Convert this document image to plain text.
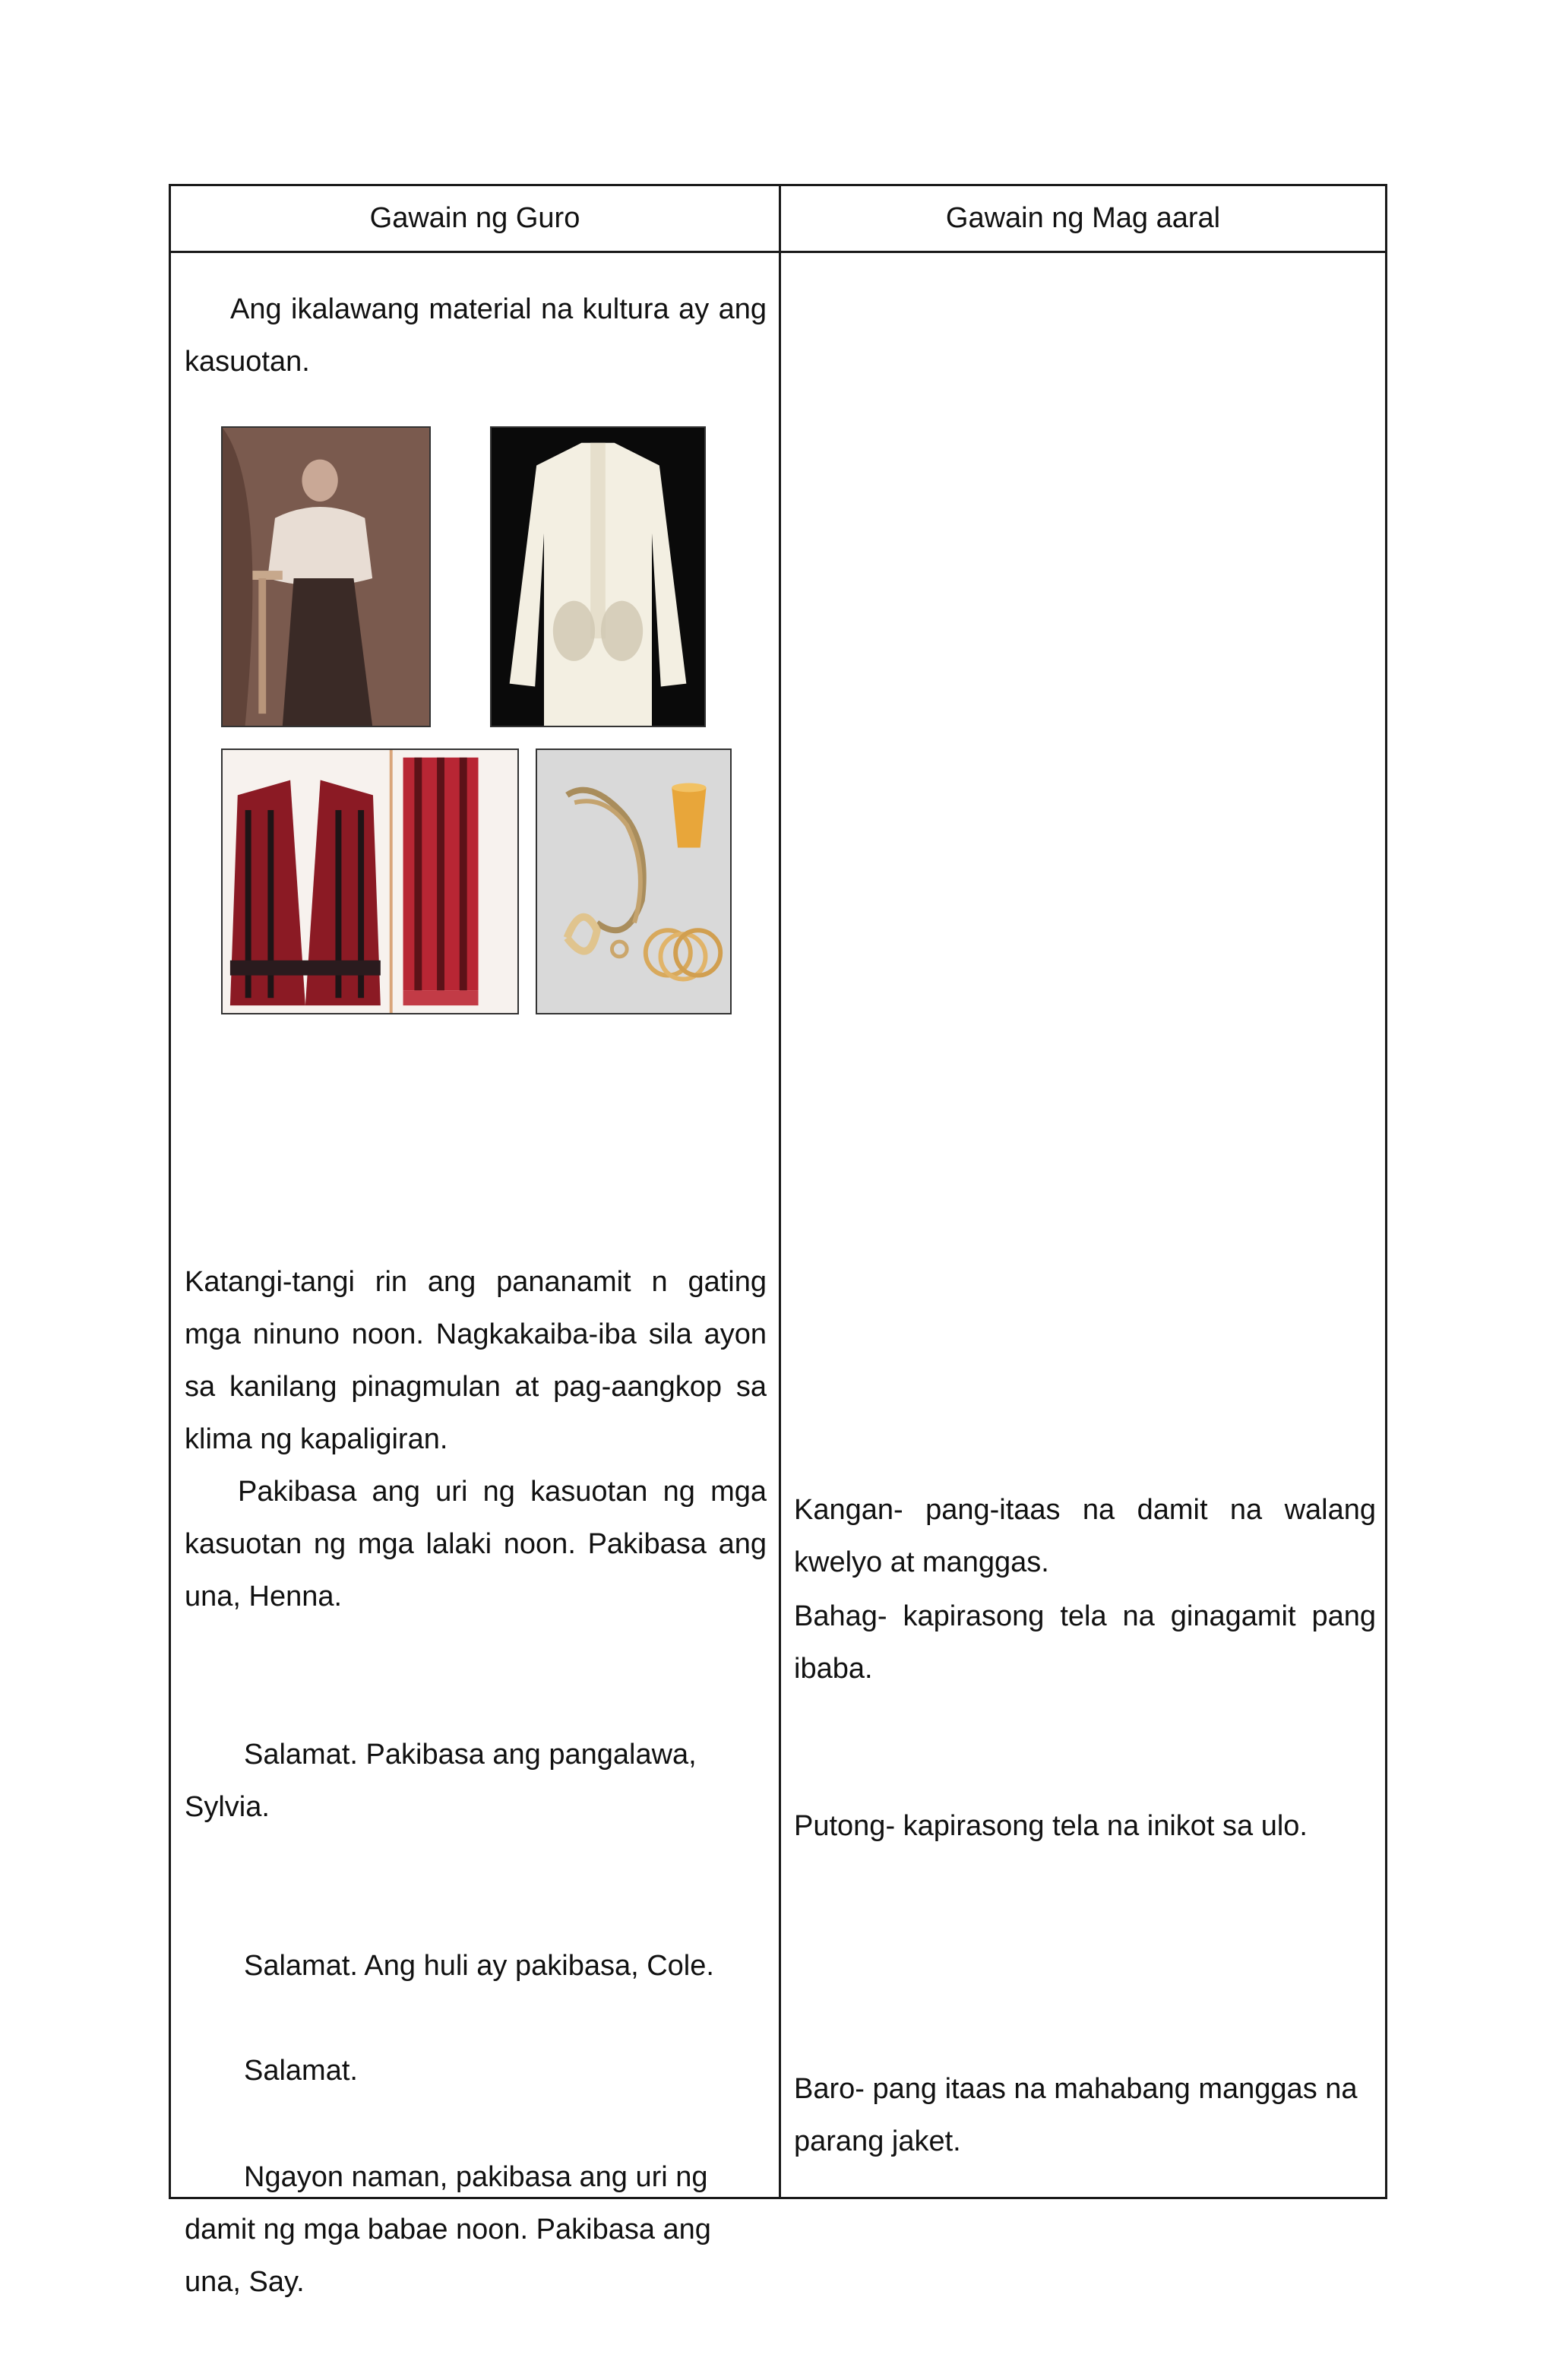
Gawain ng Guro	Gawain ng Mag aaral
Ang ikalawang material na kultura ay ang kasuotan.
Katangi-tangi rin ang pananamit n gating mga ninuno noon. Nagkakaiba-iba sila ayon sa kanilang pinagmulan at pag-aangkop sa klima ng kapaligiran.
Pakibasa ang uri ng kasuotan ng mga kasuotan ng mga lalaki noon. Pakibasa ang una, Henna.
Salamat. Pakibasa ang pangalawa, Sylvia.
Salamat. Ang huli ay pakibasa, Cole.
Salamat.
Ngayon naman, pakibasa ang uri ng damit ng mga babae noon. Pakibasa ang una, Say.
Kangan- pang-itaas na damit na walang kwelyo at manggas.
Bahag- kapirasong tela na ginagamit pang ibaba.
Putong- kapirasong tela na inikot sa ulo.
Baro- pang itaas na mahabang manggas na parang jaket.
